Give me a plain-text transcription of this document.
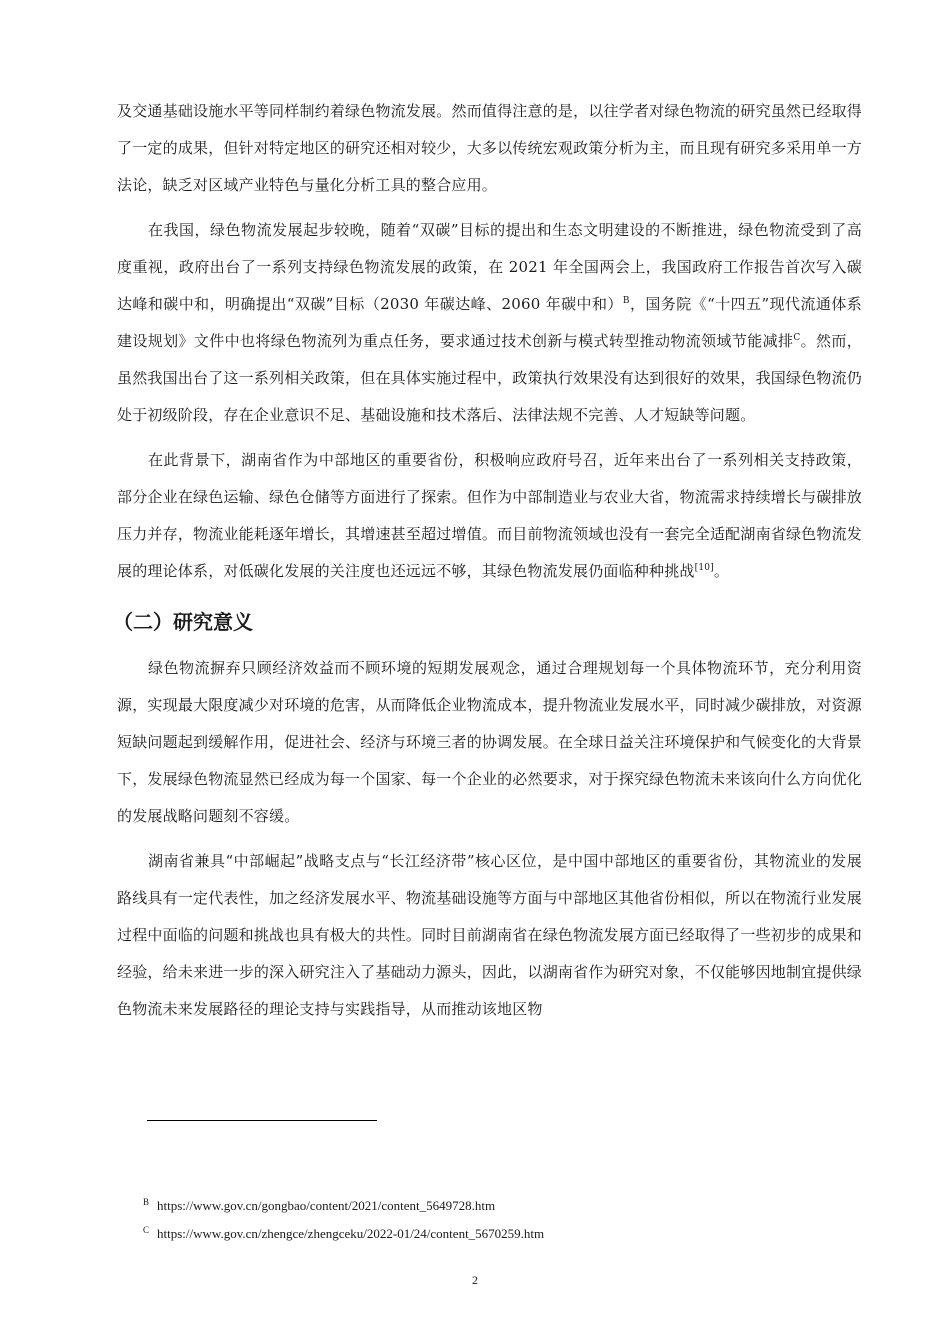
及交通基础设施水平等同样制约着绿色物流发展。然而值得注意的是，以往学者对绿色物流的研究虽然已经取得了一定的成果，但针对特定地区的研究还相对较少，大多以传统宏观政策分析为主，而且现有研究多采用单一方法论，缺乏对区域产业特色与量化分析工具的整合应用。

在我国，绿色物流发展起步较晚，随着“双碳”目标的提出和生态文明建设的不断推进，绿色物流受到了高度重视，政府出台了一系列支持绿色物流发展的政策，在 2021 年全国两会上，我国政府工作报告首次写入碳达峰和碳中和，明确提出“双碳”目标（2030 年碳达峰、2060 年碳中和）$^B$，国务院《“十四五”现代流通体系建设规划》文件中也将绿色物流列为重点任务，要求通过技术创新与模式转型推动物流领域节能减排$^C$。然而，虽然我国出台了这一系列相关政策，但在具体实施过程中，政策执行效果没有达到很好的效果，我国绿色物流仍处于初级阶段，存在企业意识不足、基础设施和技术落后、法律法规不完善、人才短缺等问题。

在此背景下，湖南省作为中部地区的重要省份，积极响应政府号召，近年来出台了一系列相关支持政策，部分企业在绿色运输、绿色仓储等方面进行了探索。但作为中部制造业与农业大省，物流需求持续增长与碳排放压力并存，物流业能耗逐年增长，其增速甚至超过增值。而目前物流领域也没有一套完全适配湖南省绿色物流发展的理论体系，对低碳化发展的关注度也还远远不够，其绿色物流发展仍面临种种挑战[10]。

（二）研究意义

绿色物流摒弃只顾经济效益而不顾环境的短期发展观念，通过合理规划每一个具体物流环节，充分利用资源，实现最大限度减少对环境的危害，从而降低企业物流成本，提升物流业发展水平，同时减少碳排放，对资源短缺问题起到缓解作用，促进社会、经济与环境三者的协调发展。在全球日益关注环境保护和气候变化的大背景下，发展绿色物流显然已经成为每一个国家、每一个企业的必然要求，对于探究绿色物流未来该向什么方向优化的发展战略问题刻不容缓。

湖南省兼具“中部崛起”战略支点与“长江经济带”核心区位，是中国中部地区的重要省份，其物流业的发展路线具有一定代表性，加之经济发展水平、物流基础设施等方面与中部地区其他省份相似，所以在物流行业发展过程中面临的问题和挑战也具有极大的共性。同时目前湖南省在绿色物流发展方面已经取得了一些初步的成果和经验，给未来进一步的深入研究注入了基础动力源头，因此，以湖南省作为研究对象，不仅能够因地制宜提供绿色物流未来发展路径的理论支持与实践指导，从而推动该地区物

B https://www.gov.cn/gongbao/content/2021/content_5649728.htm
C https://www.gov.cn/zhengce/zhengceku/2022-01/24/content_5670259.htm
2
